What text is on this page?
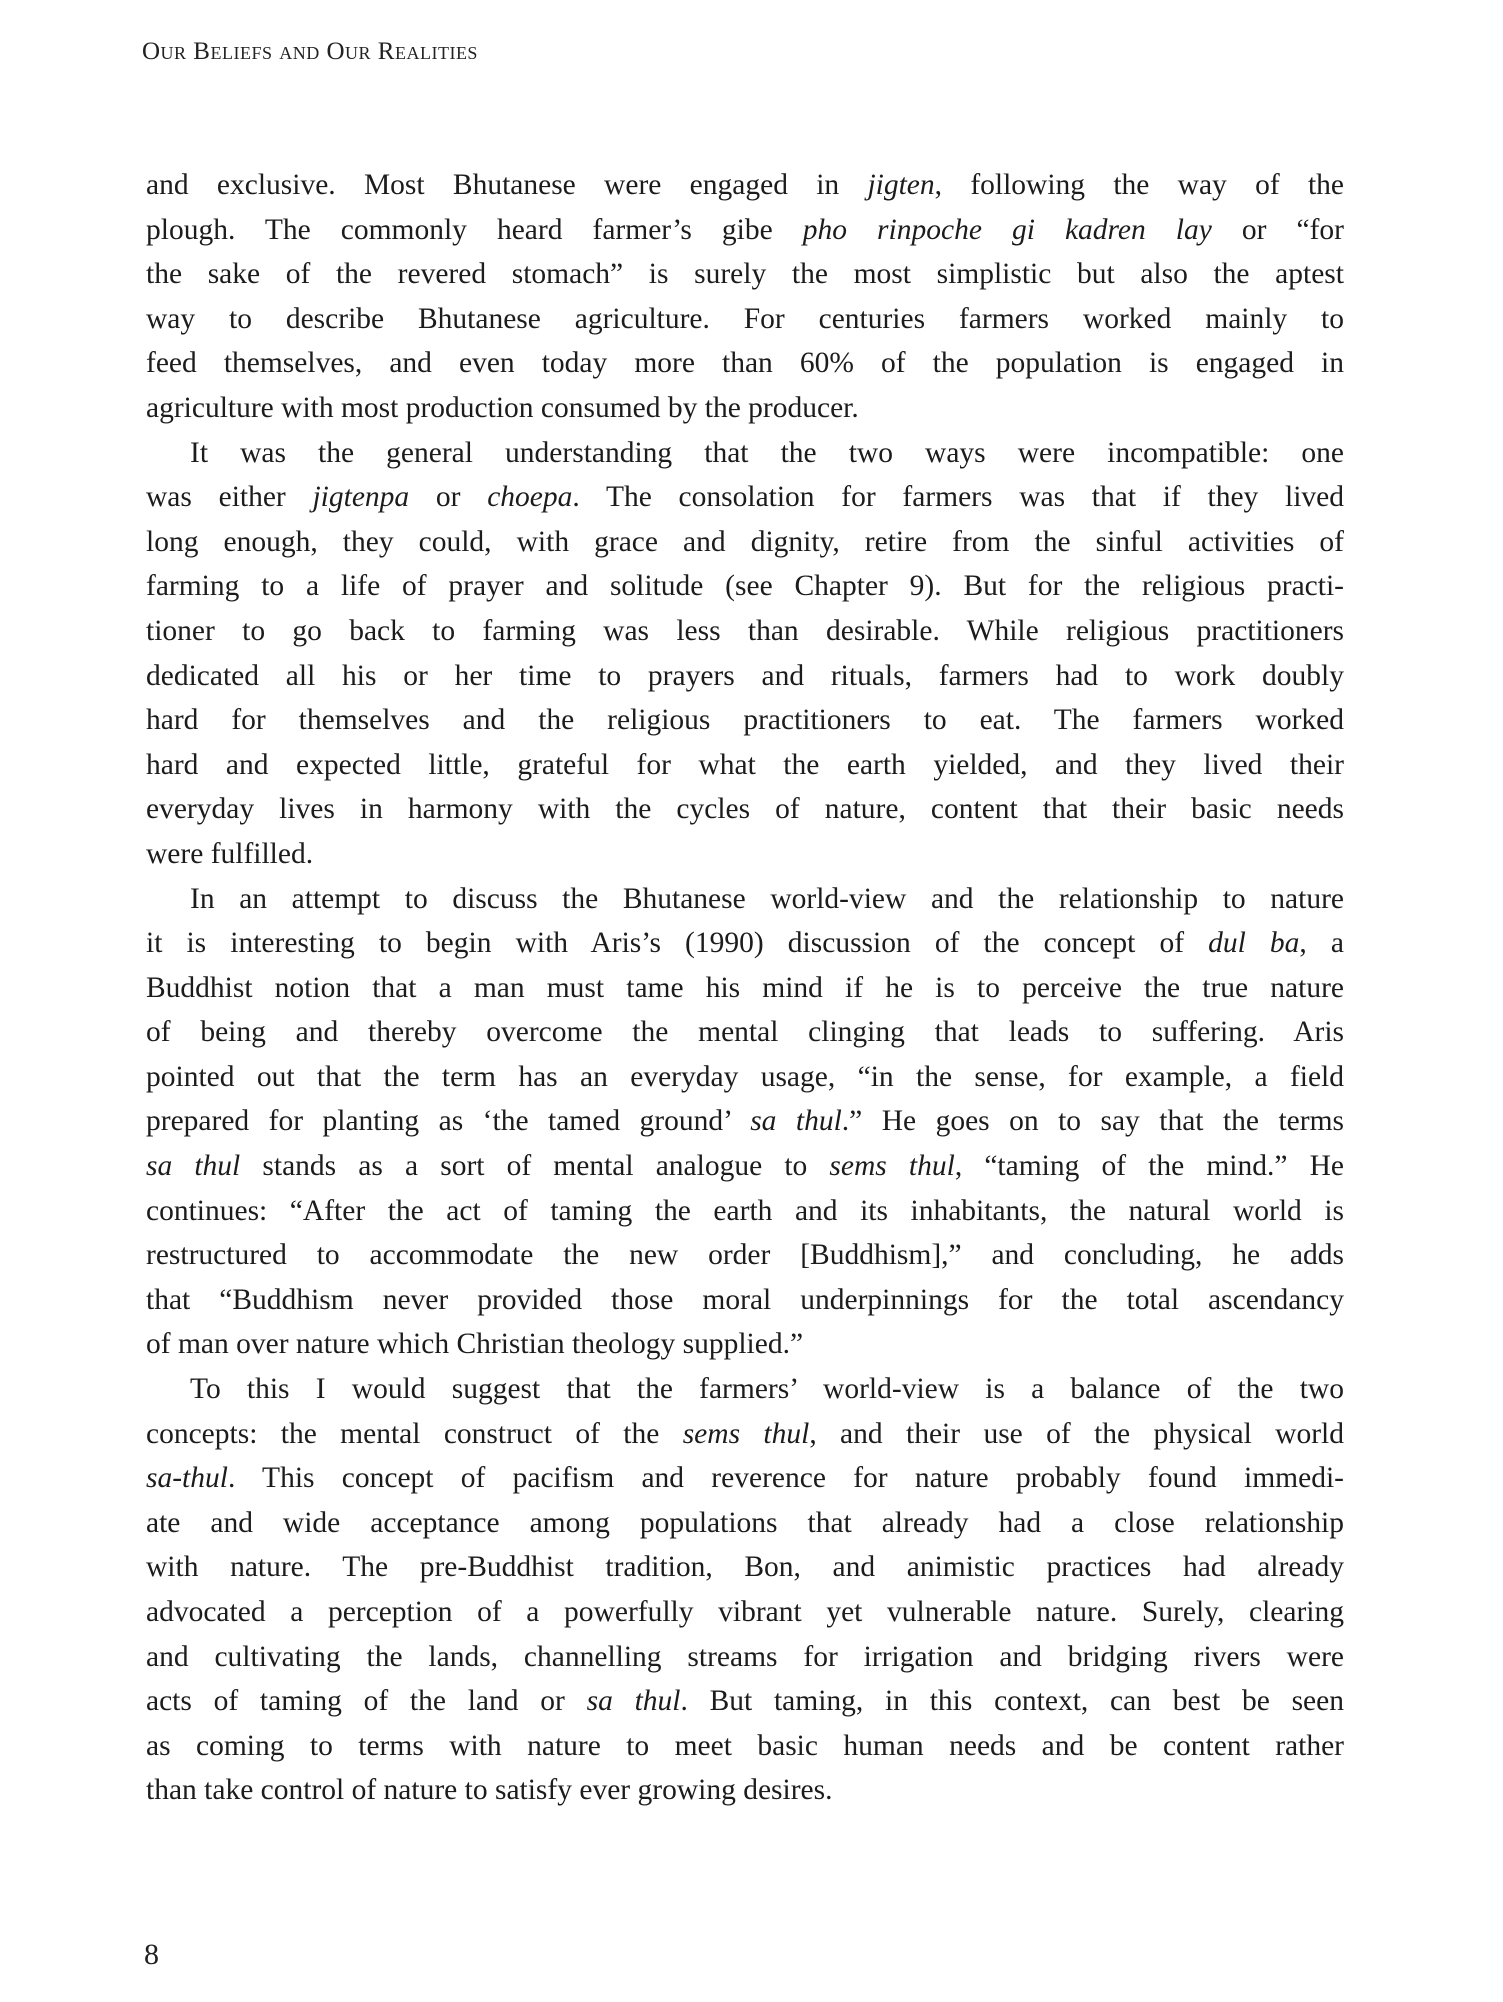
Our Beliefs and Our Realities
and exclusive. Most Bhutanese were engaged in jigten, following the way of the
plough. The commonly heard farmer’s gibe pho rinpoche gi kadren lay or “for
the sake of the revered stomach” is surely the most simplistic but also the aptest
way to describe Bhutanese agriculture. For centuries farmers worked mainly to
feed themselves, and even today more than 60% of the population is engaged in
agriculture with most production consumed by the producer.
It was the general understanding that the two ways were incompatible: one
was either jigtenpa or choepa. The consolation for farmers was that if they lived
long enough, they could, with grace and dignity, retire from the sinful activities of
farming to a life of prayer and solitude (see Chapter 9). But for the religious practi-
tioner to go back to farming was less than desirable. While religious practitioners
dedicated all his or her time to prayers and rituals, farmers had to work doubly
hard for themselves and the religious practitioners to eat. The farmers worked
hard and expected little, grateful for what the earth yielded, and they lived their
everyday lives in harmony with the cycles of nature, content that their basic needs
were fulfilled.
In an attempt to discuss the Bhutanese world-view and the relationship to nature
it is interesting to begin with Aris’s (1990) discussion of the concept of dul ba, a
Buddhist notion that a man must tame his mind if he is to perceive the true nature
of being and thereby overcome the mental clinging that leads to suffering. Aris
pointed out that the term has an everyday usage, “in the sense, for example, a field
prepared for planting as ‘the tamed ground’ sa thul.” He goes on to say that the terms
sa thul stands as a sort of mental analogue to sems thul, “taming of the mind.” He
continues: “After the act of taming the earth and its inhabitants, the natural world is
restructured to accommodate the new order [Buddhism],” and concluding, he adds
that “Buddhism never provided those moral underpinnings for the total ascendancy
of man over nature which Christian theology supplied.”
To this I would suggest that the farmers’ world-view is a balance of the two
concepts: the mental construct of the sems thul, and their use of the physical world
sa-thul. This concept of pacifism and reverence for nature probably found immedi-
ate and wide acceptance among populations that already had a close relationship
with nature. The pre-Buddhist tradition, Bon, and animistic practices had already
advocated a perception of a powerfully vibrant yet vulnerable nature. Surely, clearing
and cultivating the lands, channelling streams for irrigation and bridging rivers were
acts of taming of the land or sa thul. But taming, in this context, can best be seen
as coming to terms with nature to meet basic human needs and be content rather
than take control of nature to satisfy ever growing desires.
8
